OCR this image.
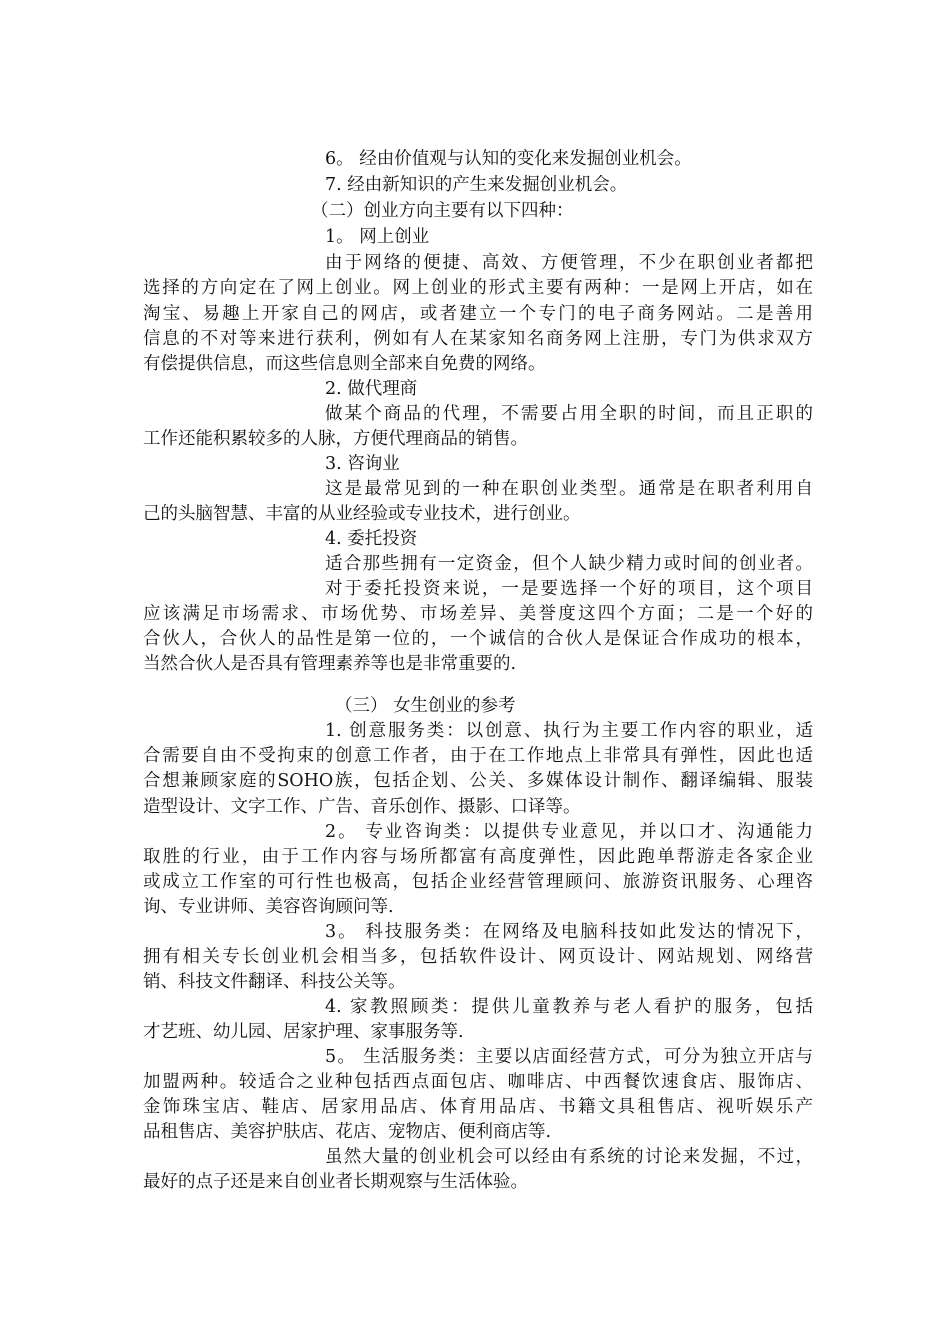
6。 经由价值观与认知的变化来发掘创业机会。
7. 经由新知识的产生来发掘创业机会。
（二）创业方向主要有以下四种：
1。 网上创业
由于网络的便捷、高效、方便管理，不少在职创业者都把
选择的方向定在了网上创业。网上创业的形式主要有两种：一是网上开店，如在
淘宝、易趣上开家自己的网店，或者建立一个专门的电子商务网站。二是善用
信息的不对等来进行获利，例如有人在某家知名商务网上注册，专门为供求双方
有偿提供信息，而这些信息则全部来自免费的网络。
2. 做代理商
做某个商品的代理，不需要占用全职的时间，而且正职的
工作还能积累较多的人脉，方便代理商品的销售。
3. 咨询业
这是最常见到的一种在职创业类型。通常是在职者利用自
己的头脑智慧、丰富的从业经验或专业技术，进行创业。
4. 委托投资
适合那些拥有一定资金，但个人缺少精力或时间的创业者。
对于委托投资来说，一是要选择一个好的项目，这个项目
应该满足市场需求、市场优势、市场差异、美誉度这四个方面；二是一个好的
合伙人，合伙人的品性是第一位的，一个诚信的合伙人是保证合作成功的根本，
当然合伙人是否具有管理素养等也是非常重要的.
（三） 女生创业的参考
1. 创意服务类：以创意、执行为主要工作内容的职业，适
合需要自由不受拘束的创意工作者，由于在工作地点上非常具有弹性，因此也适
合想兼顾家庭的SOHO族，包括企划、公关、多媒体设计制作、翻译编辑、服装
造型设计、文字工作、广告、音乐创作、摄影、口译等。
2。 专业咨询类：以提供专业意见，并以口才、沟通能力
取胜的行业，由于工作内容与场所都富有高度弹性，因此跑单帮游走各家企业
或成立工作室的可行性也极高，包括企业经营管理顾问、旅游资讯服务、心理咨
询、专业讲师、美容咨询顾问等.
3。 科技服务类：在网络及电脑科技如此发达的情况下，
拥有相关专长创业机会相当多，包括软件设计、网页设计、网站规划、网络营
销、科技文件翻译、科技公关等。
4. 家教照顾类：提供儿童教养与老人看护的服务，包括
才艺班、幼儿园、居家护理、家事服务等.
5。 生活服务类：主要以店面经营方式，可分为独立开店与
加盟两种。较适合之业种包括西点面包店、咖啡店、中西餐饮速食店、服饰店、
金饰珠宝店、鞋店、居家用品店、体育用品店、书籍文具租售店、视听娱乐产
品租售店、美容护肤店、花店、宠物店、便利商店等.
虽然大量的创业机会可以经由有系统的讨论来发掘，不过，
最好的点子还是来自创业者长期观察与生活体验。
